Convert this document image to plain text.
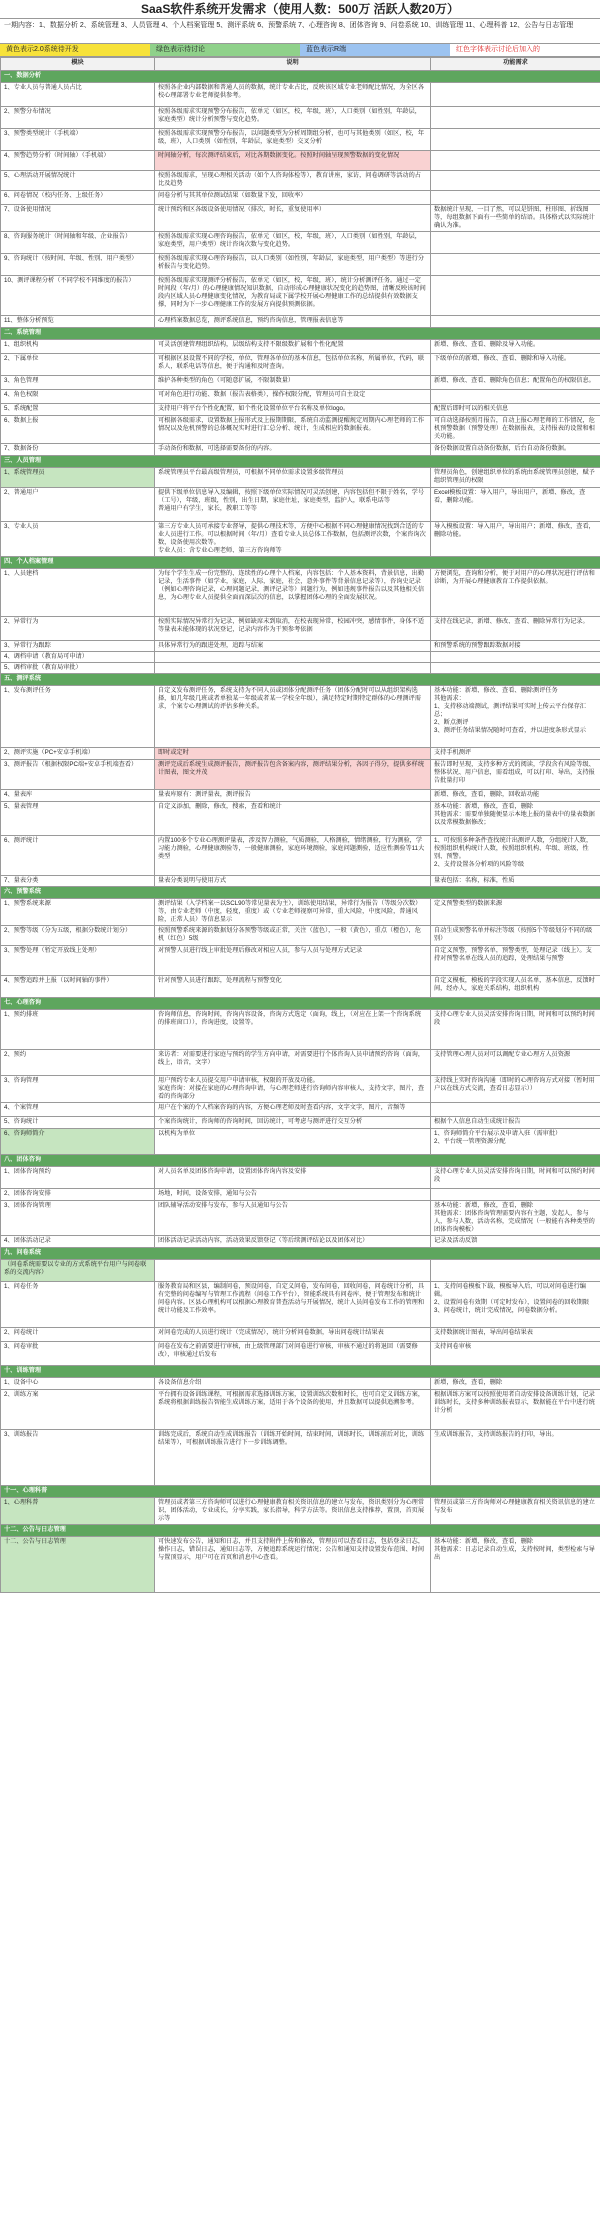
SaaS软件系统开发需求（使用人数：500万 活跃人数20万）
一期内容：1、数据分析 2、系统管理 3、人员管理 4、个人档案管理 5、测评系统 6、预警系统 7、心理咨询 8、团体咨询 9、问卷系统 10、训练管理 11、心理科普 12、公告与日志管理
黄色表示2.0系统待开发	绿色表示待讨论	蓝色表示R端	红色字体表示讨论后加入的
模块	说明	功能需求
一、数据分析		
1、专业人员与普通人员占比	按照各企业内部数据和普通人员的数据，统计专业占比，反映该区域专业老师配比情况，为全区各校心理部署专业老师提供参考。	
2、预警分布情况	按照各级需求实现预警分布报告，依单元（如区，校，年级，班），人口类别（如性别，年龄层，家庭类型）统计分析预警与变化趋势。	
3、预警类型统计（手机端）	按照各级需求实现预警分布报告，以问题类型为分析周期组分析，也可与其他类别（如区，校，年级，班），人口类别（如性别，年龄层，家庭类型）交叉分析	
4、预警趋势分析（时间轴）（手机端）	时间轴分析，每次测评结束后，对比各期数据变化。按照时间轴呈现预警数据的变化情况	
5、心理活动开展情况统计	按照各级需求，呈现心理相关活动（如个人咨询体检等），教育讲座，家访，问卷调研等活动的占比及趋势	
6、问卷情况（校内任务、上级任务）	问卷分析与其其单位测试结果（如数量下发，回收率）	
7、设备使用情况	统计预约和区各级设备使用情况（排次，时长，重复使用率）	数据统计呈现，一目了然，可以是饼图、柱形图、折线图等，每组数据下面有一些简单的结语。具体格式以实际统计确认为准。
8、咨询服务统计（时间轴和年级、企业报告）	按照各级需求实现心理咨询报告，依单元（如区，校，年级，班），人口类别（如性别，年龄层，家庭类型，用户类型）统计咨询次数与变化趋势。	
9、咨询统计（按时间、年级、性别、用户类型）	按照各级需求实现心理咨询报告，以人口类别（如性别，年龄层，家庭类型，用户类型）等进行分析报告与变化趋势。	
10、测评课程分析（不同学校不同维度的报告）	按照各级需求实现测评分析报告，依单元（如区，校，年级，班），统计分析测评任务。通过一定时间段（年/月）的心理健康情况知识数据，自动形成心理健康状况变化的趋势图，清晰反映该时间段内区域人员心理健康变化情况，为教育局或下属学校开展心理健康工作的总结提供有效数据支撑，同时为下一步心理健康工作的发展方向提供预测依据。	
11、整体分析预览	心理档案数据总览，测评系统信息，预约咨询信息，管理报表信息等	
二、系统管理		
1、组织机构	可灵活创建管理组织结构，层级结构支持不限级数扩展和个性化配置	新增、修改、查看、删除及导入功能。
2、下属单位	可根据区县设置不同的学校，单位，管理各单位的基本信息，包括单位名称，所属单位，代码，联系人，联系电话等信息，便于沟通和及时查询。	下级单位的新增、修改、查看、删除和导入功能。
3、角色管理	维护各种类型的角色（可随意扩展，不限制数量）	新增、修改、查看、删除角色信息；配置角色的权限信息。
4、角色权限	可对角色进行功能、数据（报告表格类），操作权限分配，管理员可自主设定	
5、系统配置	支持用户将平台个性化配置，如个性化设置单位平台名称及单位logo。	配置后即时可以的相关信息
6、数据上报	可根据各级需求，设置数据上报形式及上报期期限，系统自动监测提醒规定周期内心理老师的工作情况以及危机预警的总体概况实时进行汇总分析、统计，生成相应的数据报表。	可自动选择按照月报告，自动上报心理老师的工作情况，危机预警数据（预警处理）在数据报表，支持报表的设置和相关功能。
7、数据备份	手动备份和数据，可选择需要备份的内容。	备份数据设置自动备份数据，后台自动备份数据。
三、人员管理		
1、系统管理员	系统管理员平台最高级管理员，可根据不同单位需求设置多级管理员	管理员角色，创建组织单位的系统由系统管理员创建，赋予组织管理员的权限
2、普通用户	提供下级单位信息导入及编辑，按照下级单位实际情况可灵活创建，内容包括但不限于姓名，学号（工号），年级，班级，性别，出生日期，家庭住址，家庭类型，监护人，联系电话等
普通用户有学生，家长，教职工等等	Excel模板设置：导入用户，导出用户，新增、修改，查看，删除功能。
3、专业人员	第三方专业人员可承接专业督导，提供心理技术等，方便中心根据不同心理健康情况找到合适的专业人员进行工作。可以根据时间（年/月）查看专业人员总体工作数据，包括测评次数，个案咨询次数，设备使用次数等。
专业人员：含专业心理老师、第三方咨询师等	导入模板设置：导入用户，导出用户；新增、修改，查看，删除功能。
四、个人档案管理		
1、人员建档	为每个学生生成一份完整的、连续性的心理个人档案，内容包括：个人基本资料，背景信息，出勤记录，生活事件（如学业，家庭，人际，家庭，社会，意外事件等背景信息记录等），咨询史记录（例如心理咨询记录，心理问题记录，测评记录等）问题行为，例如违规事件报告以及其他相关信息，为心理专业人员提供全面而深层次的信息，以掌握团体心理的全面发展状况。	方便浏览，查询和分析，便于对用户的心理状况进行评估和诊断，为开展心理健康教育工作提供依据。
2、异常行为	按照实际情况异常行为记录，例如缺席未到取消，在校表现异常，校园冲突，感情事件，身体不适等量表未能体现的状况登记，记录内容作为干预参考依据	支持在线记录，新增、修改、查看、删除异常行为记录。
3、异常行为跟踪	具体异常行为的跟进处理，追踪与结案	和预警系统的预警跟踪数据对接
4、调档申请（教育局可申请）		
5、调档审批（教育局审批）		
五、测评系统		
1、发布测评任务	自定义发布测评任务，系统支持为不同人员或团体分配测评任务（团体分配时可以从组织架构选择，如几年级几班或者单独某一年级或者某一学校全年级），满足特定时期特定群体的心理测评需求，个案专心理测试的评估多种关系。	基本功能：新增、修改、查看、删除测评任务
其他需求：
1、支持移动端测试，测评结果可实时上传云平台保存汇总；
2、断点测评
3、测评任务结果情况随时可查看，并以进度条形式显示
2、测评实施（PC+安卓手机端）	即时或定时	支持手机测评
3、测评报告（根据权限PC端+安卓手机端查看）	测评完成后系统生成测评报告，测评报告包含备案内容，测评结果分析，各因子得分，提供多样统计图表，图文并茂	报告即时呈现，支持多种方式的阅读，学段含有风险等级、整体状况、用户信息，需看组成，可以打印、导出，支持报告批量打印
4、量表库	量表库原有：测评量表，测评报告	新增、修改，查看，删除，回收站功能
5、量表管理	自定义添加，删除，修改，搜索，查看和统计	基本功能：新增，修改，查看，删除
其他需求：需要单独随便显示本地上报的量表中的量表数据以及常模数据修改；
6、测评统计	内置100多个专业心理测评量表，涉及智力测验，气质测验，人格测验，情绪测验，行为测验，学习能力测验，心理健康测验等，一般健康测验，家庭环境测验，家庭问题测验，适应性测验等11大类型	1、可按照多种条件查找统计出测评人数，分组统计人数，按照组织机构统计人数，按照组织机构、年级、班级，性别、预警。
2、支持设置各分析项的风险等级
7、量表分类	量表分类说明与使用方式	量表包括：名称，标准，性质
六、预警系统		
1、预警系统来源	测评结果（入学档案一以SCL90等常见量表为主），训练使用结果，异常行为报告（等级分次数）等，由专业老师（中度，轻度，重度）或（专业老师视察可异常，重大风险，中度风险，普通风险，正常人员）等信息显示	定义预警类型的数据来源
2、预警等级（分为五级，根据分数统计划分）	按照预警系统来源的数据划分各预警等级或正常，关注（蓝色），一般（黄色），重点（橙色），危机（红色）5级	自动生成预警名单并标注等级（按照5个等级划分不同的级别）
3、预警处理（暂定开放线上处理）	对预警人员进行线上审批处理后修改对相应人员，参与人员与处理方式记录	自定义预警，预警名单，预警类型，处理记录（线上）。支持对预警名单在线人员的追踪，处理结果与预警
4、预警追踪并上报（以时间轴的事件）	针对预警人员进行跟踪，处理流程与预警变化	自定义模板，模板的字段实现人员名单，基本信息，反馈时间，经办人，家庭关系结构，组织机构
七、心理咨询		
1、预约排班	咨询师信息，咨询时间，咨询内容设备，咨询方式选定（面询，线上，（对应在上架一个咨询系统的排班窗口）），咨询进度，设置等。	支持心理专业人员灵活安排咨询日期，时间和可以预约时间段
2、预约	来访者：对需要进行家庭与预约的学生方向申请，对需要进行个体咨询人员申请预约咨询（面询，线上，语音，文字）	支持管理心理人员对可以调配专业心理方人员资源
3、咨询管理	用户预约专业人员提交用户申请审核，权限的开放及功能。
家庭咨询：对接在家庭的心理咨询申请，与心理老师进行咨询师内容审核人，支持文字，图片，查看的咨询部分	支持线上实时咨询沟通（即时的心理咨询方式对接（暂时用户以在线方式交流，查看日志显示））
4、个案管理	用户在个案的个人档案咨询的内容，方便心理老师及时查看内容，文字文字，图片，音频等	
5、咨询统计	个案咨询统计，咨询师的咨询时间，回访统计，可考虑与测评进行交互分析	根据个人信息自动生成统计报告
6、咨询师简介	以机构为单位	1、咨询师简介平台展示及申请入驻（需审批）
2、平台统一管理资源分配
八、团体咨询		
1、团体咨询预约	对人员名单及团体咨询申请，设置团体咨询内容及安排	支持心理专业人员灵活安排咨询日期，时间和可以预约时间段
2、团体咨询安排	场地，时间，设备安排，通知与公告	
3、团体咨询管理	团队辅导活动安排与发布，参与人员通知与公告	基本功能：新增，修改，查看，删除
其他需求：团体咨询管理需要内容有主题，发起人，参与人，参与人数，活动名称，完成情况（一般能有各种类型的团体咨询模板）
4、团体活动记录	团体活动记录活动内容，活动效果反馈登记（等后续测评结论以及团体对比）	记录及活动反馈
九、问卷系统		
（问卷系统需要以专业的方式系统平台用户与问卷联系的交流内容）		
1、问卷任务	服务教育局和区县，编制问卷，预设问卷，自定义问卷，发布问卷，回收问卷，问卷统计分析，具有完整的问卷编写与管理工作流程（问卷工作平台），智能系统具有问卷库，便于管理发布和统计问卷内容。区县心理机构可以根据心理教育普查活动与开展情况，统计人员问卷发布工作的管理和统计功能及工作效率。	1、支持问卷模板下载，模板导入后，可以对问卷进行编辑。
2、设置问卷有效期（可定时发布），设置问卷的回收期限
3、问卷统计，统计完成情况，问卷数据分析。
2、问卷统计	对问卷完成的人员进行统计（完成情况），统计分析问卷数据，导出问卷统计结果表	支持数据统计图表，导出问卷结果表
3、问卷审批	问卷在发布之前需要进行审核，由上级管理部门对问卷进行审核，审核不通过的将退回（需要修改），审核通过后发布	支持问卷审核
十、训练管理		
1、设备中心	各设备信息介绍	新增，修改，查看，删除
2、训练方案	平台拥有设备训练课程，可根据需求选择训练方案，设置训练次数和时长，也可自定义训练方案，系统将根据训练报告智能生成训练方案，适用于各个设备的使用，并且数据可以提供追溯参考。	根据训练方案可以按照使用者自动安排设备训练计划，记录训练时长，支持多种训练报表显示，数据能在平台中进行统计分析
3、训练报告	训练完成后，系统自动生成训练报告（训练开始时间，结束时间，训练时长，训练前后对比，训练结果等），可根据训练报告进行下一步训练调整。	生成训练报告，支持训练报告的打印，导出。
十一、心理科普		
1、心理科普	管理员或者第三方咨询师可以进行心理健康教育相关资讯信息的建立与发布，资讯类别分为心理常识，团体活动，专业成长，分享实践，家长指导，科学方法等。资讯信息支持推荐，置顶，首页展示等	管理员或第三方咨询师对心理健康教育相关资讯信息的建立与发布
十二、公告与日志管理		
十二、公告与日志管理	可快速发布公告，通知和日志，并且支持附件上传和修改，管理员可以查看日志，包括登录日志，操作日志，错误日志，通知日志等，方便追踪系统运行情况；公告和通知支持设置发布范围、时间与置顶显示，用户可在首页和消息中心查看。	基本功能：新增，修改，查看，删除
其他需求：日志记录自动生成，支持按时间，类型检索与导出
